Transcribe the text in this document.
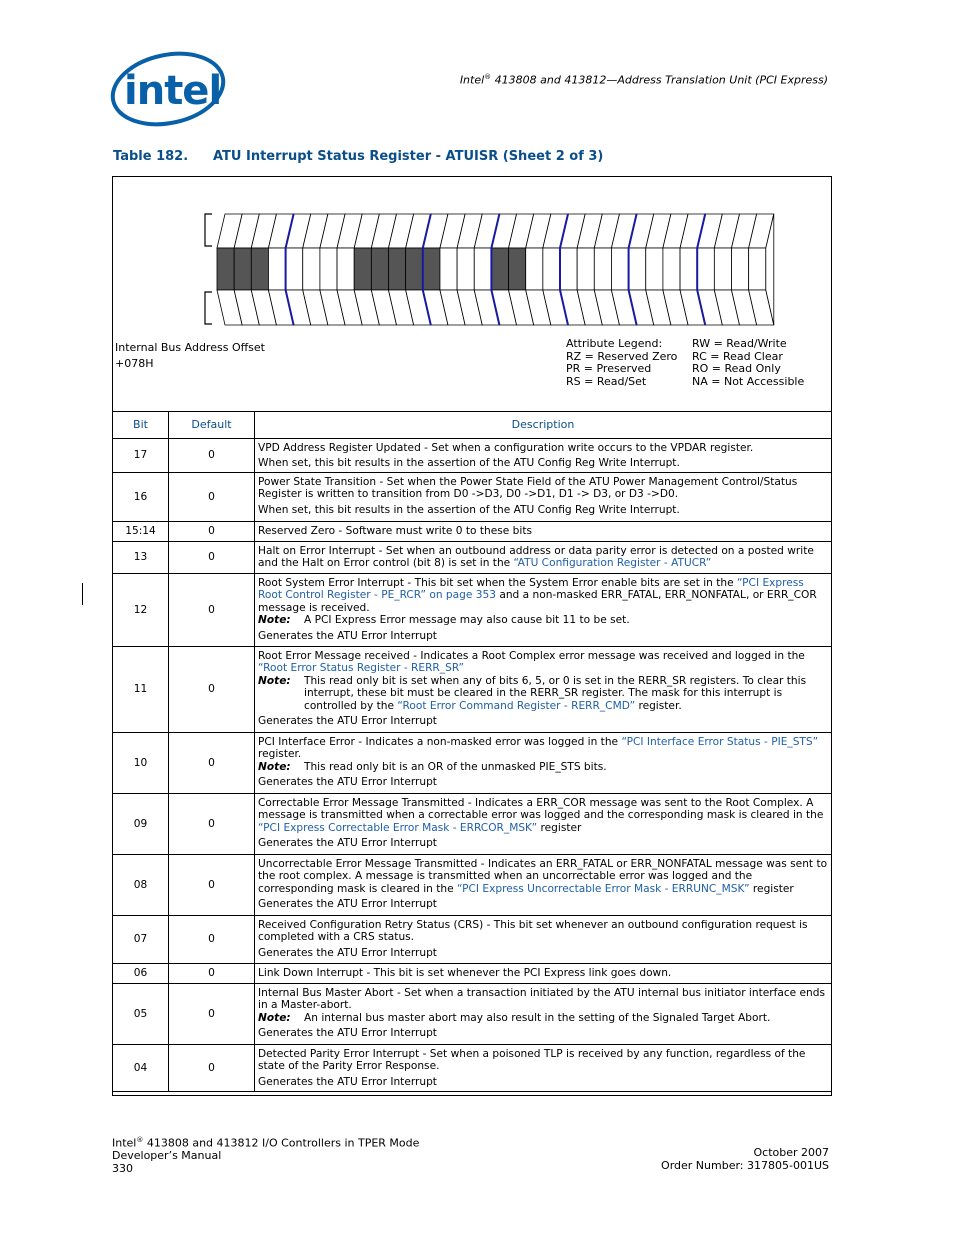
intel	Intel® 413808 and 413812—Address Translation Unit (PCI Express)
Table 182. ATU Interrupt Status Register - ATUISR (Sheet 2 of 3)
Internal Bus Address Offset
+078H
Attribute Legend:	RW = Read/Write
RZ = Reserved Zero	RC = Read Clear
PR = Preserved	RO = Read Only
RS = Read/Set	NA = Not Accessible
Bit	Default	Description
17	0	VPD Address Register Updated - Set when a configuration write occurs to the VPDAR register.

When set, this bit results in the assertion of the ATU Config Reg Write Interrupt.

16	0	Power State Transition - Set when the Power State Field of the ATU Power Management Control/Status Register is written to transition from D0 ->D3, D0 ->D1, D1 -> D3, or D3 ->D0.

When set, this bit results in the assertion of the ATU Config Reg Write Interrupt.

15:14	0	Reserved Zero - Software must write 0 to these bits

13	0	Halt on Error Interrupt - Set when an outbound address or data parity error is detected on a posted write and the Halt on Error control (bit 8) is set in the “ATU Configuration Register - ATUCR”

12	0	Root System Error Interrupt - This bit set when the System Error enable bits are set in the “PCI Express Root Control Register - PE_RCR” on page 353 and a non-masked ERR_FATAL, ERR_NONFATAL, or ERR_COR message is received.

Note: A PCI Express Error message may also cause bit 11 to be set.

Generates the ATU Error Interrupt

11	0	Root Error Message received - Indicates a Root Complex error message was received and logged in the “Root Error Status Register - RERR_SR”

Note: This read only bit is set when any of bits 6, 5, or 0 is set in the RERR_SR registers. To clear this interrupt, these bit must be cleared in the RERR_SR register. The mask for this interrupt is controlled by the “Root Error Command Register - RERR_CMD” register.

Generates the ATU Error Interrupt

10	0	PCI Interface Error - Indicates a non-masked error was logged in the “PCI Interface Error Status - PIE_STS” register.

Note: This read only bit is an OR of the unmasked PIE_STS bits.

Generates the ATU Error Interrupt

09	0	Correctable Error Message Transmitted - Indicates a ERR_COR message was sent to the Root Complex. A message is transmitted when a correctable error was logged and the corresponding mask is cleared in the “PCI Express Correctable Error Mask - ERRCOR_MSK” register

Generates the ATU Error Interrupt

08	0	Uncorrectable Error Message Transmitted - Indicates an ERR_FATAL or ERR_NONFATAL message was sent to the root complex. A message is transmitted when an uncorrectable error was logged and the corresponding mask is cleared in the “PCI Express Uncorrectable Error Mask - ERRUNC_MSK” register

Generates the ATU Error Interrupt

07	0	Received Configuration Retry Status (CRS) - This bit set whenever an outbound configuration request is completed with a CRS status.

Generates the ATU Error Interrupt

06	0	Link Down Interrupt - This bit is set whenever the PCI Express link goes down.

05	0	Internal Bus Master Abort - Set when a transaction initiated by the ATU internal bus initiator interface ends in a Master-abort.

Note: An internal bus master abort may also result in the setting of the Signaled Target Abort.

Generates the ATU Error Interrupt

04	0	Detected Parity Error Interrupt - Set when a poisoned TLP is received by any function, regardless of the state of the Parity Error Response.

Generates the ATU Error Interrupt

Intel® 413808 and 413812 I/O Controllers in TPER Mode
Developer’s Manual
330
October 2007
Order Number: 317805-001US
